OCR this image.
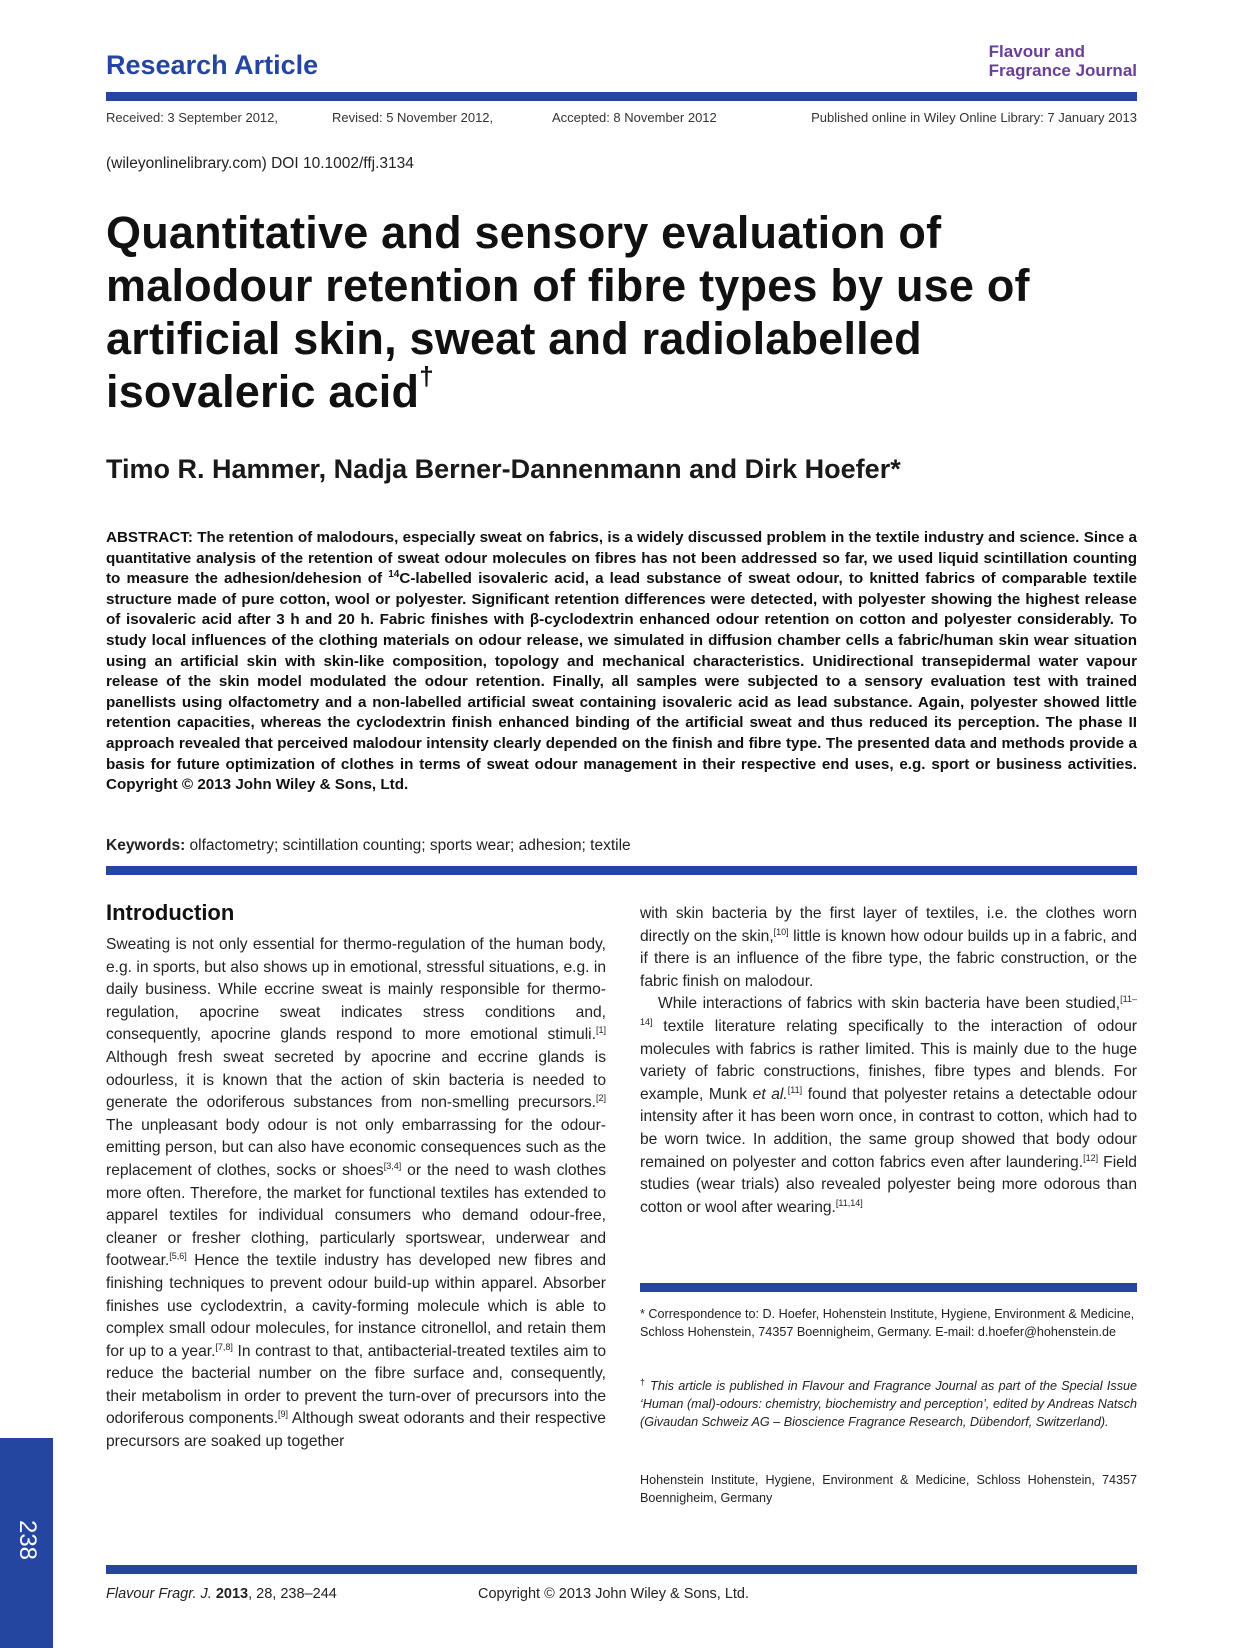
Research Article	Flavour and
Fragrance Journal
Received: 3 September 2012,	Revised: 5 November 2012,	Accepted: 8 November 2012	Published online in Wiley Online Library: 7 January 2013
(wileyonlinelibrary.com) DOI 10.1002/ffj.3134
Quantitative and sensory evaluation of malodour retention of fibre types by use of artificial skin, sweat and radiolabelled isovaleric acid†
Timo R. Hammer, Nadja Berner-Dannenmann and Dirk Hoefer*
ABSTRACT: The retention of malodours, especially sweat on fabrics, is a widely discussed problem in the textile industry and science. Since a quantitative analysis of the retention of sweat odour molecules on fibres has not been addressed so far, we used liquid scintillation counting to measure the adhesion/dehesion of $^{14}$C-labelled isovaleric acid, a lead substance of sweat odour, to knitted fabrics of comparable textile structure made of pure cotton, wool or polyester. Significant retention differences were detected, with polyester showing the highest release of isovaleric acid after 3 h and 20 h. Fabric finishes with β-cyclodextrin enhanced odour retention on cotton and polyester considerably. To study local influences of the clothing materials on odour release, we simulated in diffusion chamber cells a fabric/human skin wear situation using an artificial skin with skin-like composition, topology and mechanical characteristics. Unidirectional transepidermal water vapour release of the skin model modulated the odour retention. Finally, all samples were subjected to a sensory evaluation test with trained panellists using olfactometry and a non-labelled artificial sweat containing isovaleric acid as lead substance. Again, polyester showed little retention capacities, whereas the cyclodextrin finish enhanced binding of the artificial sweat and thus reduced its perception. The phase II approach revealed that perceived malodour intensity clearly depended on the finish and fibre type. The presented data and methods provide a basis for future optimization of clothes in terms of sweat odour management in their respective end uses, e.g. sport or business activities. Copyright © 2013 John Wiley & Sons, Ltd.
Keywords: olfactometry; scintillation counting; sports wear; adhesion; textile
Introduction

Sweating is not only essential for thermo-regulation of the human body, e.g. in sports, but also shows up in emotional, stressful situations, e.g. in daily business. While eccrine sweat is mainly responsible for thermo-regulation, apocrine sweat indicates stress conditions and, consequently, apocrine glands respond to more emotional stimuli.[1] Although fresh sweat secreted by apocrine and eccrine glands is odourless, it is known that the action of skin bacteria is needed to generate the odoriferous substances from non-smelling precursors.[2] The unpleasant body odour is not only embarrassing for the odour-emitting person, but can also have economic consequences such as the replacement of clothes, socks or shoes[3,4] or the need to wash clothes more often. Therefore, the market for functional textiles has extended to apparel textiles for individual consumers who demand odour-free, cleaner or fresher clothing, particularly sportswear, underwear and footwear.[5,6] Hence the textile industry has developed new fibres and finishing techniques to prevent odour build-up within apparel. Absorber finishes use cyclodextrin, a cavity-forming molecule which is able to complex small odour molecules, for instance citronellol, and retain them for up to a year.[7,8] In contrast to that, antibacterial-treated textiles aim to reduce the bacterial number on the fibre surface and, consequently, their metabolism in order to prevent the turn-over of precursors into the odoriferous components.[9] Although sweat odorants and their respective precursors are soaked up together

with skin bacteria by the first layer of textiles, i.e. the clothes worn directly on the skin,[10] little is known how odour builds up in a fabric, and if there is an influence of the fibre type, the fabric construction, or the fabric finish on malodour.

While interactions of fabrics with skin bacteria have been studied,[11–14] textile literature relating specifically to the interaction of odour molecules with fabrics is rather limited. This is mainly due to the huge variety of fabric constructions, finishes, fibre types and blends. For example, Munk et al.[11] found that polyester retains a detectable odour intensity after it has been worn once, in contrast to cotton, which had to be worn twice. In addition, the same group showed that body odour remained on polyester and cotton fabrics even after laundering.[12] Field studies (wear trials) also revealed polyester being more odorous than cotton or wool after wearing.[11,14]

* Correspondence to: D. Hoefer, Hohenstein Institute, Hygiene, Environment & Medicine, Schloss Hohenstein, 74357 Boennigheim, Germany. E-mail: d.hoefer@hohenstein.de
† This article is published in Flavour and Fragrance Journal as part of the Special Issue ‘Human (mal)-odours: chemistry, biochemistry and perception’, edited by Andreas Natsch (Givaudan Schweiz AG – Bioscience Fragrance Research, Dübendorf, Switzerland).
Hohenstein Institute, Hygiene, Environment & Medicine, Schloss Hohenstein, 74357 Boennigheim, Germany
238
Flavour Fragr. J. 2013, 28, 238–244	Copyright © 2013 John Wiley & Sons, Ltd.
